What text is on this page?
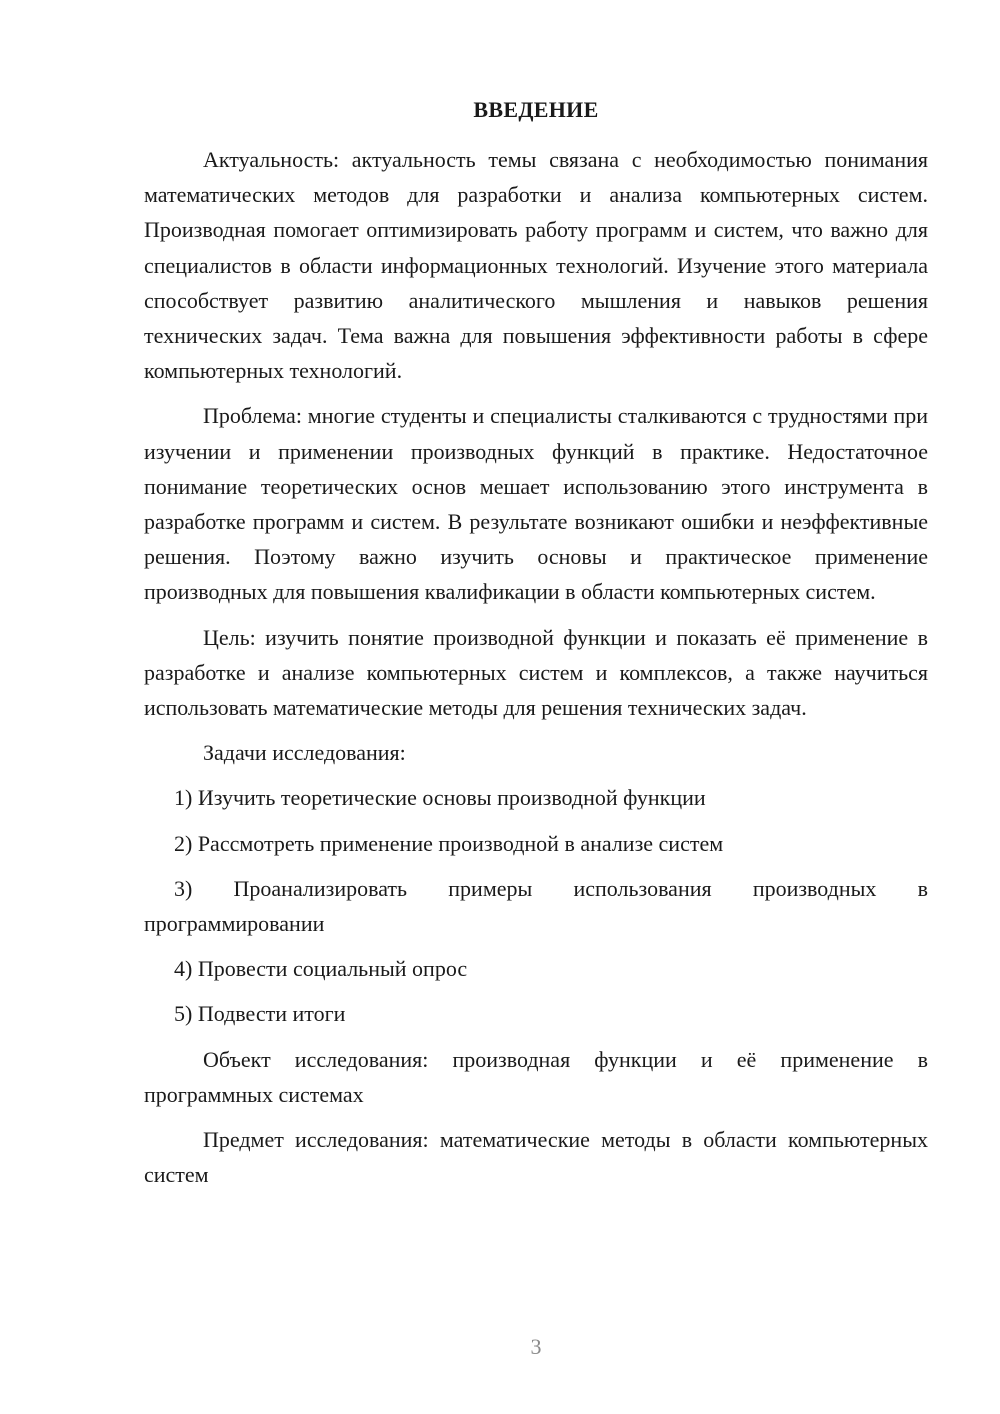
ВВЕДЕНИЕ

Актуальность: актуальность темы связана с необходимостью понимания математических методов для разработки и анализа компьютерных систем. Производная помогает оптимизировать работу программ и систем, что важно для специалистов в области информационных технологий. Изучение этого материала способствует развитию аналитического мышления и навыков решения технических задач. Тема важна для повышения эффективности работы в сфере компьютерных технологий.

Проблема: многие студенты и специалисты сталкиваются с трудностями при изучении и применении производных функций в практике. Недостаточное понимание теоретических основ мешает использованию этого инструмента в разработке программ и систем. В результате возникают ошибки и неэффективные решения. Поэтому важно изучить основы и практическое применение производных для повышения квалификации в области компьютерных систем.

Цель: изучить понятие производной функции и показать её применение в разработке и анализе компьютерных систем и комплексов, а также научиться использовать математические методы для решения технических задач.

Задачи исследования:

1) Изучить теоретические основы производной функции

2) Рассмотреть применение производной в анализе систем

3) Проанализировать примеры использования производных в программировании

4) Провести социальный опрос

5) Подвести итоги

Объект исследования: производная функции и её применение в программных системах

Предмет исследования: математические методы в области компьютерных систем

3
